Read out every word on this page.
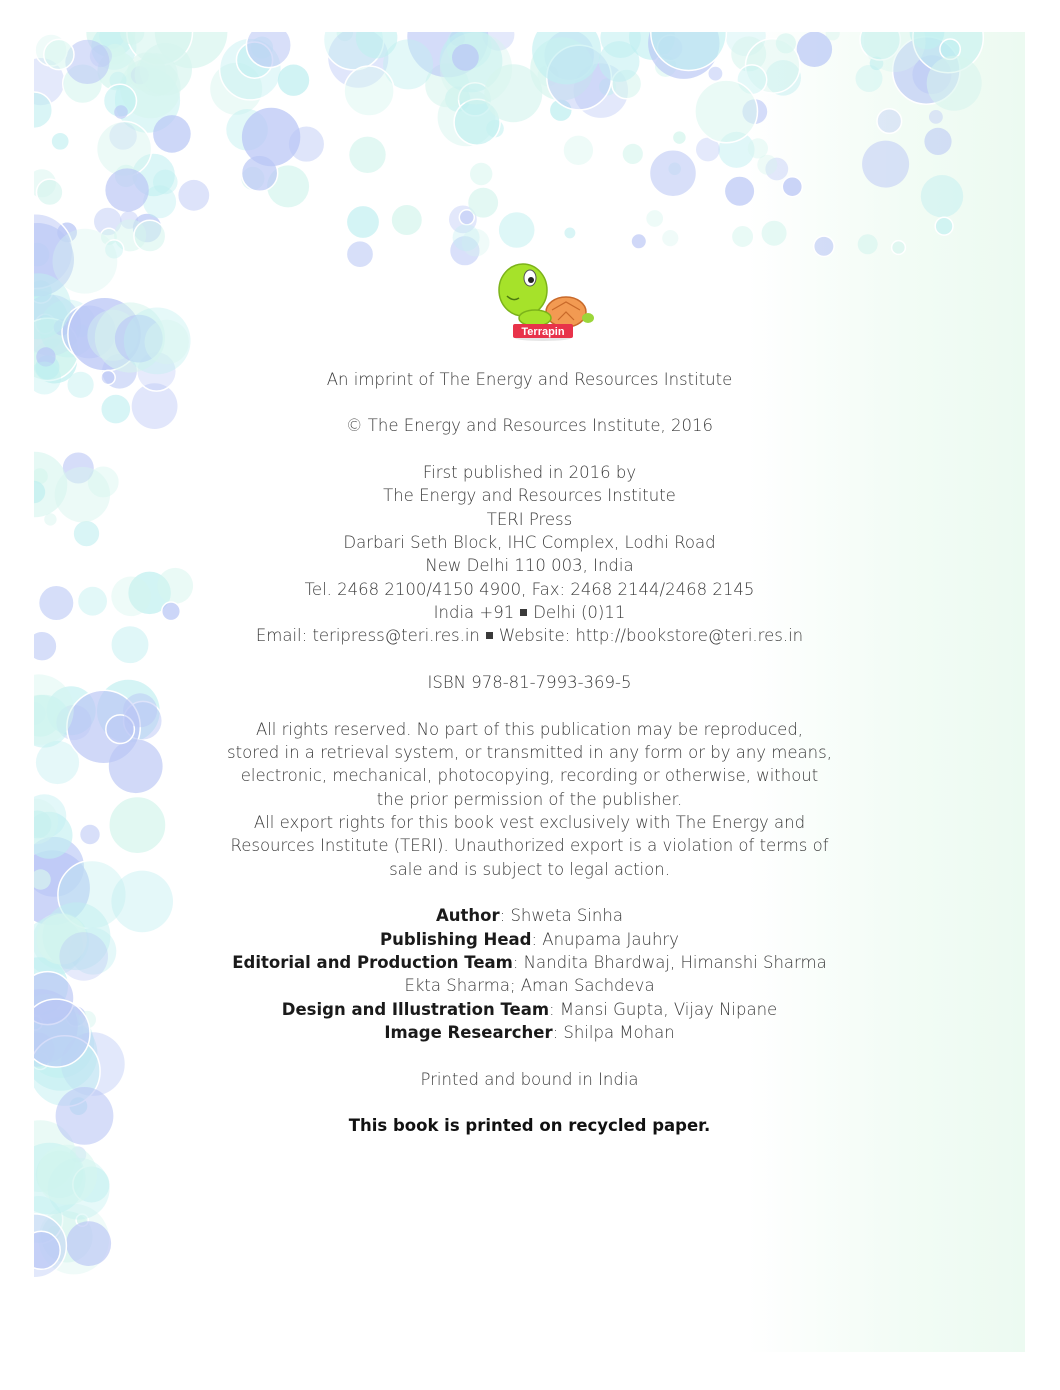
Terrapin
An imprint of The Energy and Resources Institute
© The Energy and Resources Institute, 2016
First published in 2016 by
The Energy and Resources Institute
TERI Press
Darbari Seth Block, IHC Complex, Lodhi Road
New Delhi 110 003, India
Tel. 2468 2100/4150 4900, Fax: 2468 2144/2468 2145
India +91 Delhi (0)11
Email: teripress@teri.res.in Website: http://bookstore@teri.res.in
ISBN 978-81-7993-369-5
All rights reserved. No part of this publication may be reproduced,
stored in a retrieval system, or transmitted in any form or by any means,
electronic, mechanical, photocopying, recording or otherwise, without
the prior permission of the publisher.
All export rights for this book vest exclusively with The Energy and
Resources Institute (TERI). Unauthorized export is a violation of terms of
sale and is subject to legal action.
Author: Shweta Sinha
Publishing Head: Anupama Jauhry
Editorial and Production Team: Nandita Bhardwaj, Himanshi Sharma
Ekta Sharma; Aman Sachdeva
Design and Illustration Team: Mansi Gupta, Vijay Nipane
Image Researcher: Shilpa Mohan
Printed and bound in India
This book is printed on recycled paper.
